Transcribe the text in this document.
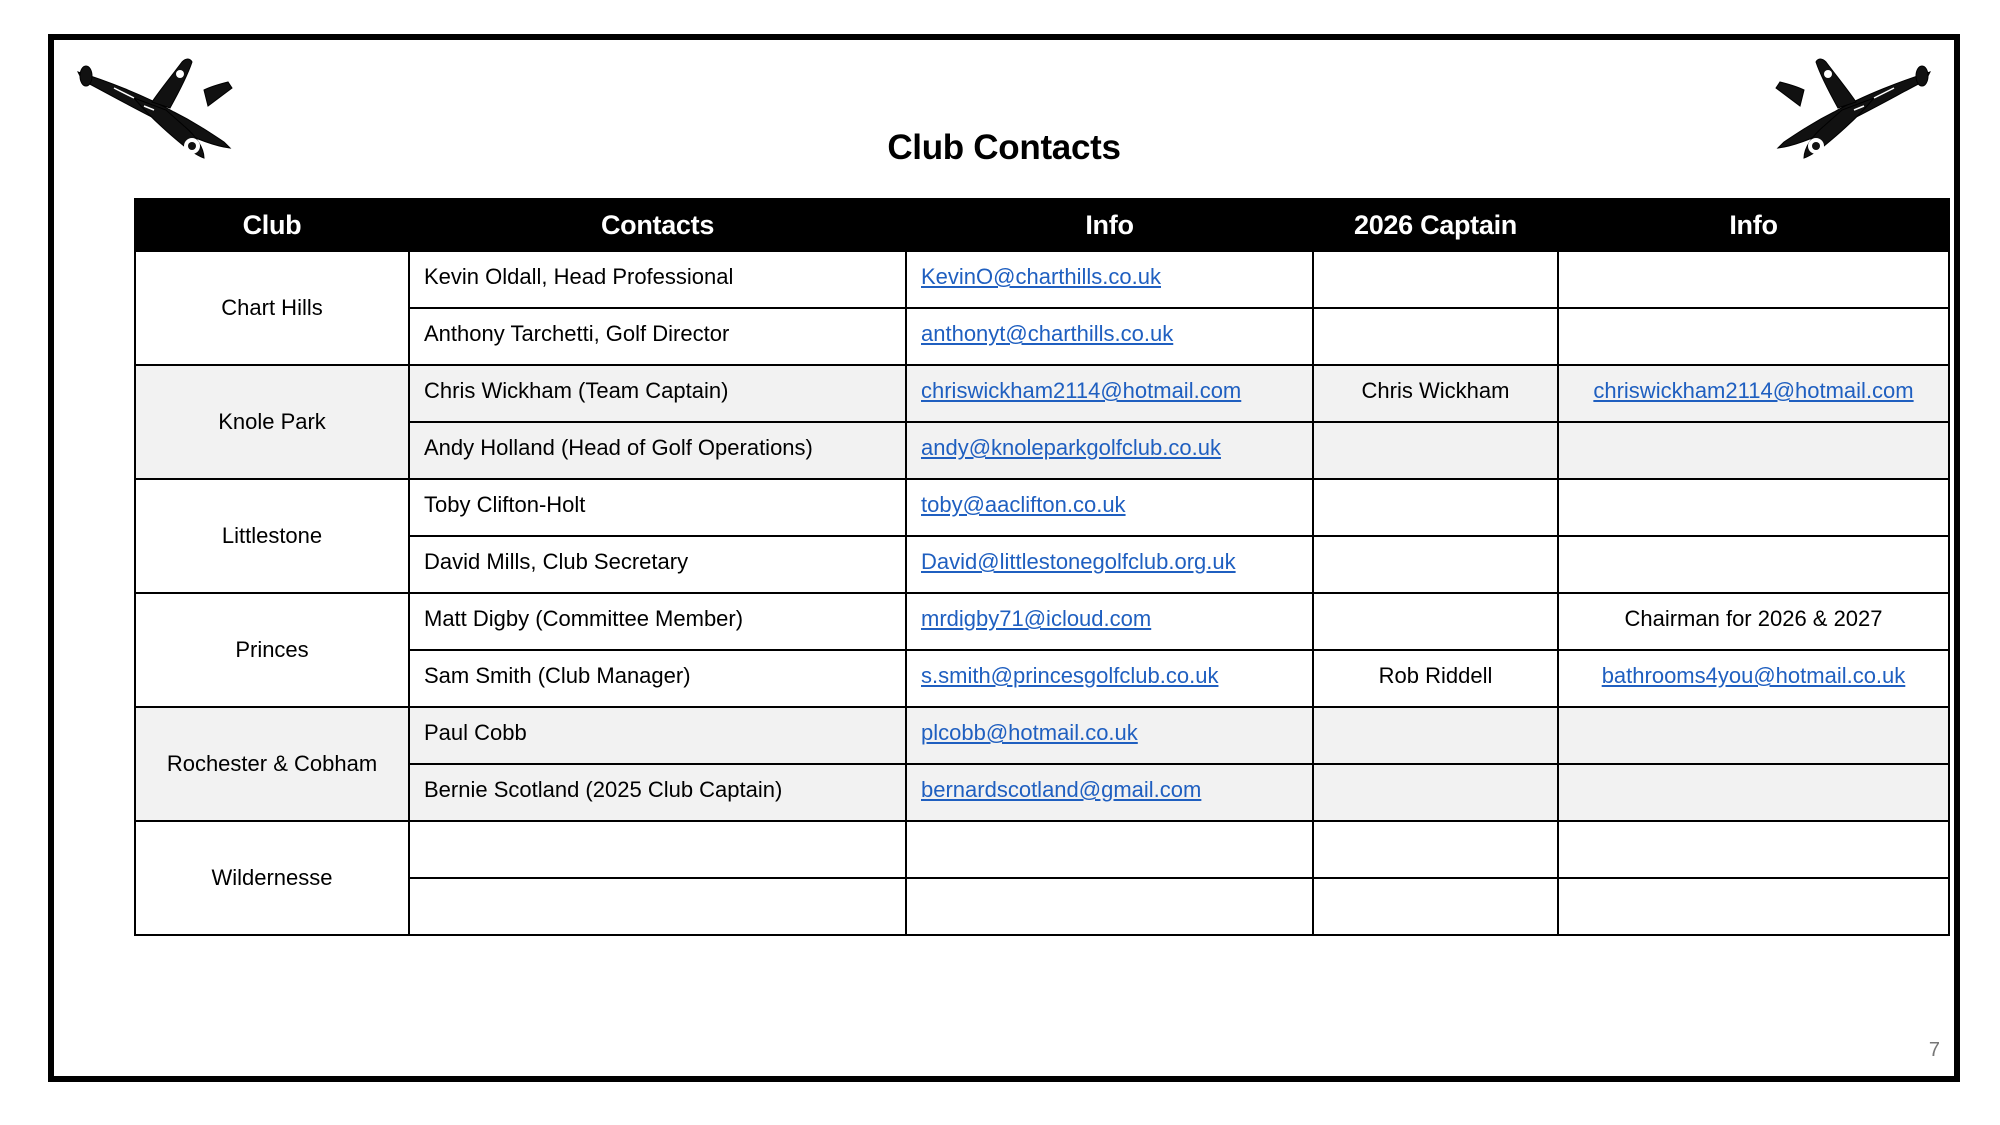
Club Contacts
Club	Contacts	Info	2026 Captain	Info
Chart Hills	Kevin Oldall, Head Professional	KevinO@charthills.co.uk		
	Anthony Tarchetti, Golf Director	anthonyt@charthills.co.uk		
Knole Park	Chris Wickham (Team Captain)	chriswickham2114@hotmail.com	Chris Wickham	chriswickham2114@hotmail.com
	Andy Holland (Head of Golf Operations)	andy@knoleparkgolfclub.co.uk		
Littlestone	Toby Clifton-Holt	toby@aaclifton.co.uk		
	David Mills, Club Secretary	David@littlestonegolfclub.org.uk		
Princes	Matt Digby (Committee Member)	mrdigby71@icloud.com		Chairman for 2026 & 2027
	Sam Smith (Club Manager)	s.smith@princesgolfclub.co.uk	Rob Riddell	bathrooms4you@hotmail.co.uk
Rochester & Cobham	Paul Cobb	plcobb@hotmail.co.uk		
	Bernie Scotland (2025 Club Captain)	bernardscotland@gmail.com		
Wildernesse				

7
